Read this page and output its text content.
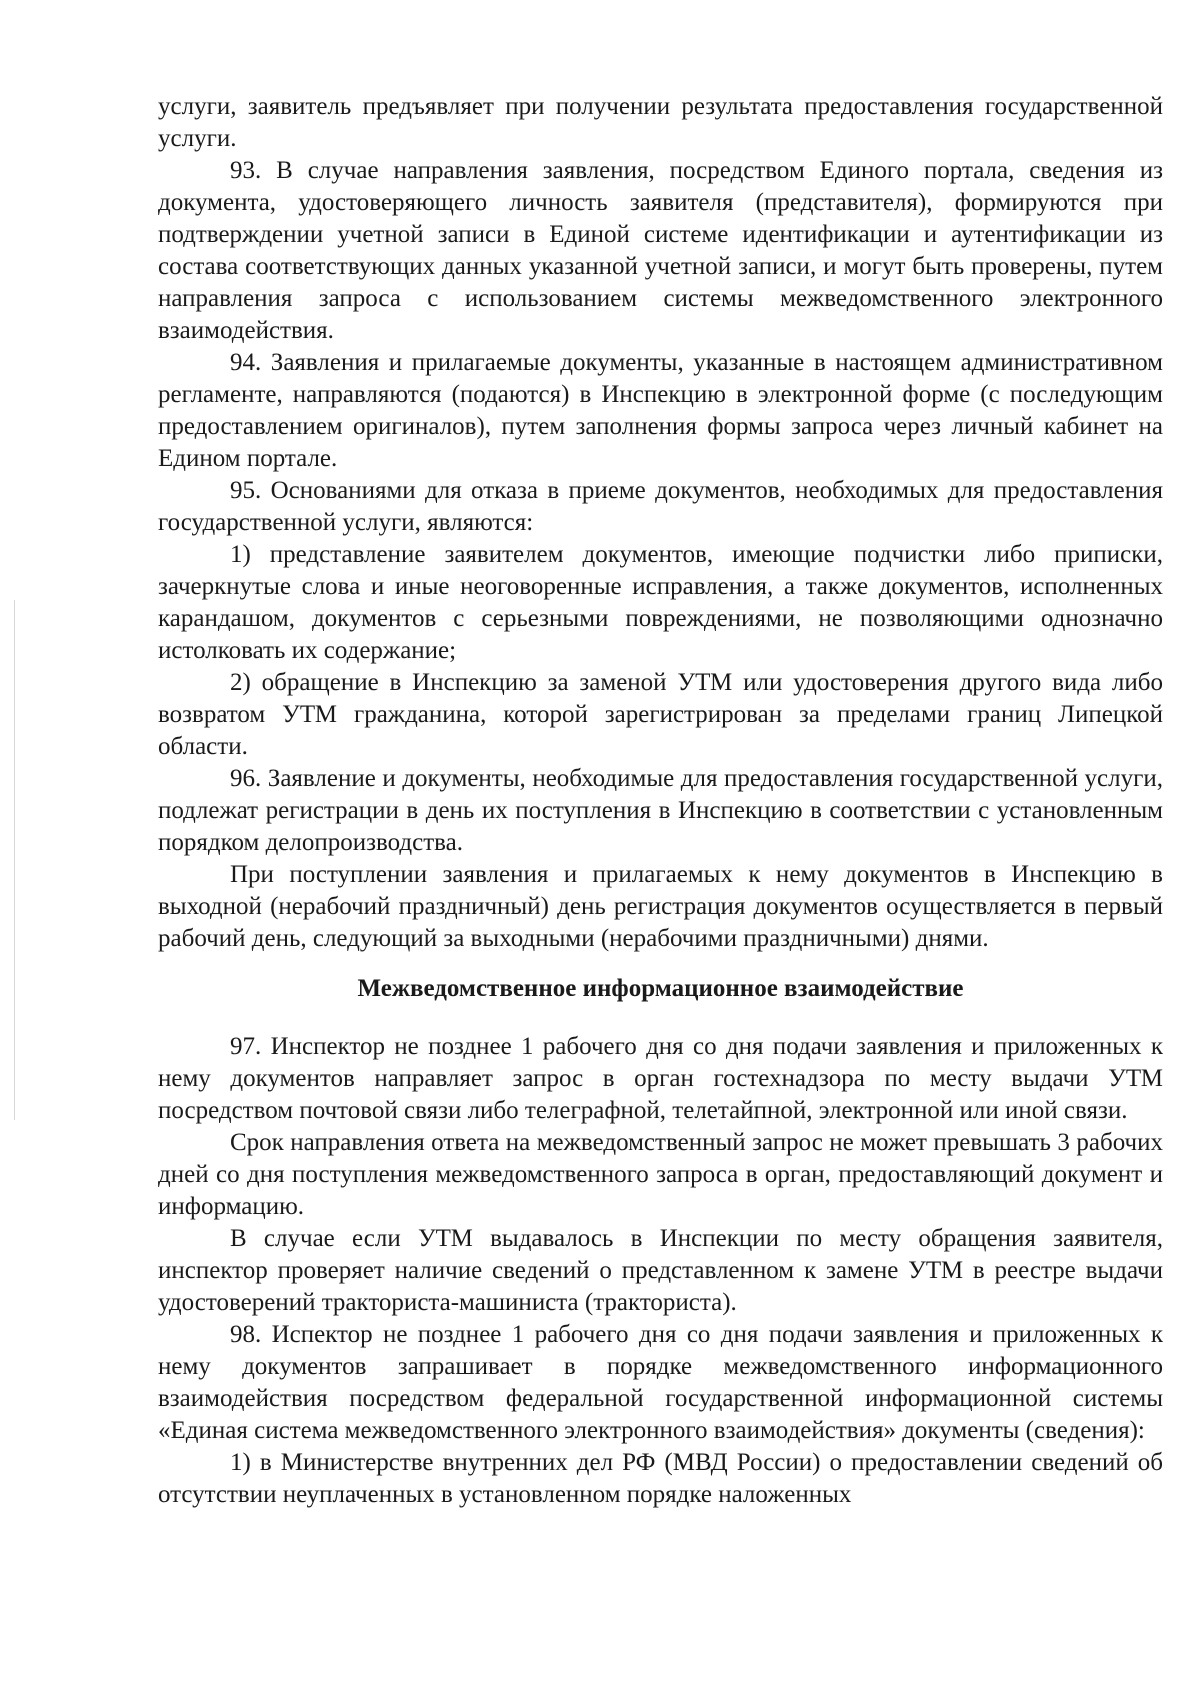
услуги, заявитель предъявляет при получении результата предоставления государственной услуги.

93. В случае направления заявления, посредством Единого портала, сведения из документа, удостоверяющего личность заявителя (представителя), формируются при подтверждении учетной записи в Единой системе идентификации и аутентификации из состава соответствующих данных указанной учетной записи, и могут быть проверены, путем направления запроса с использованием системы межведомственного электронного взаимодействия.

94. Заявления и прилагаемые документы, указанные в настоящем административном регламенте, направляются (подаются) в Инспекцию в электронной форме (с последующим предоставлением оригиналов), путем заполнения формы запроса через личный кабинет на Едином портале.

95. Основаниями для отказа в приеме документов, необходимых для предоставления государственной услуги, являются:

1) представление заявителем документов, имеющие подчистки либо приписки, зачеркнутые слова и иные неоговоренные исправления, а также документов, исполненных карандашом, документов с серьезными повреждениями, не позволяющими однозначно истолковать их содержание;

2) обращение в Инспекцию за заменой УТМ или удостоверения другого вида либо возвратом УТМ гражданина, которой зарегистрирован за пределами границ Липецкой области.

96. Заявление и документы, необходимые для предоставления государственной услуги, подлежат регистрации в день их поступления в Инспекцию в соответствии с установленным порядком делопроизводства.

При поступлении заявления и прилагаемых к нему документов в Инспекцию в выходной (нерабочий праздничный) день регистрация документов осуществляется в первый рабочий день, следующий за выходными (нерабочими праздничными) днями.

Межведомственное информационное взаимодействие

97. Инспектор не позднее 1 рабочего дня со дня подачи заявления и приложенных к нему документов направляет запрос в орган гостехнадзора по месту выдачи УТМ посредством почтовой связи либо телеграфной, телетайпной, электронной или иной связи.

Срок направления ответа на межведомственный запрос не может превышать 3 рабочих дней со дня поступления межведомственного запроса в орган, предоставляющий документ и информацию.

В случае если УТМ выдавалось в Инспекции по месту обращения заявителя, инспектор проверяет наличие сведений о представленном к замене УТМ в реестре выдачи удостоверений тракториста-машиниста (тракториста).

98. Испектор не позднее 1 рабочего дня со дня подачи заявления и приложенных к нему документов запрашивает в порядке межведомственного информационного взаимодействия посредством федеральной государственной информационной системы «Единая система межведомственного электронного взаимодействия» документы (сведения):

1) в Министерстве внутренних дел РФ (МВД России) о предоставлении сведений об отсутствии неуплаченных в установленном порядке наложенных
